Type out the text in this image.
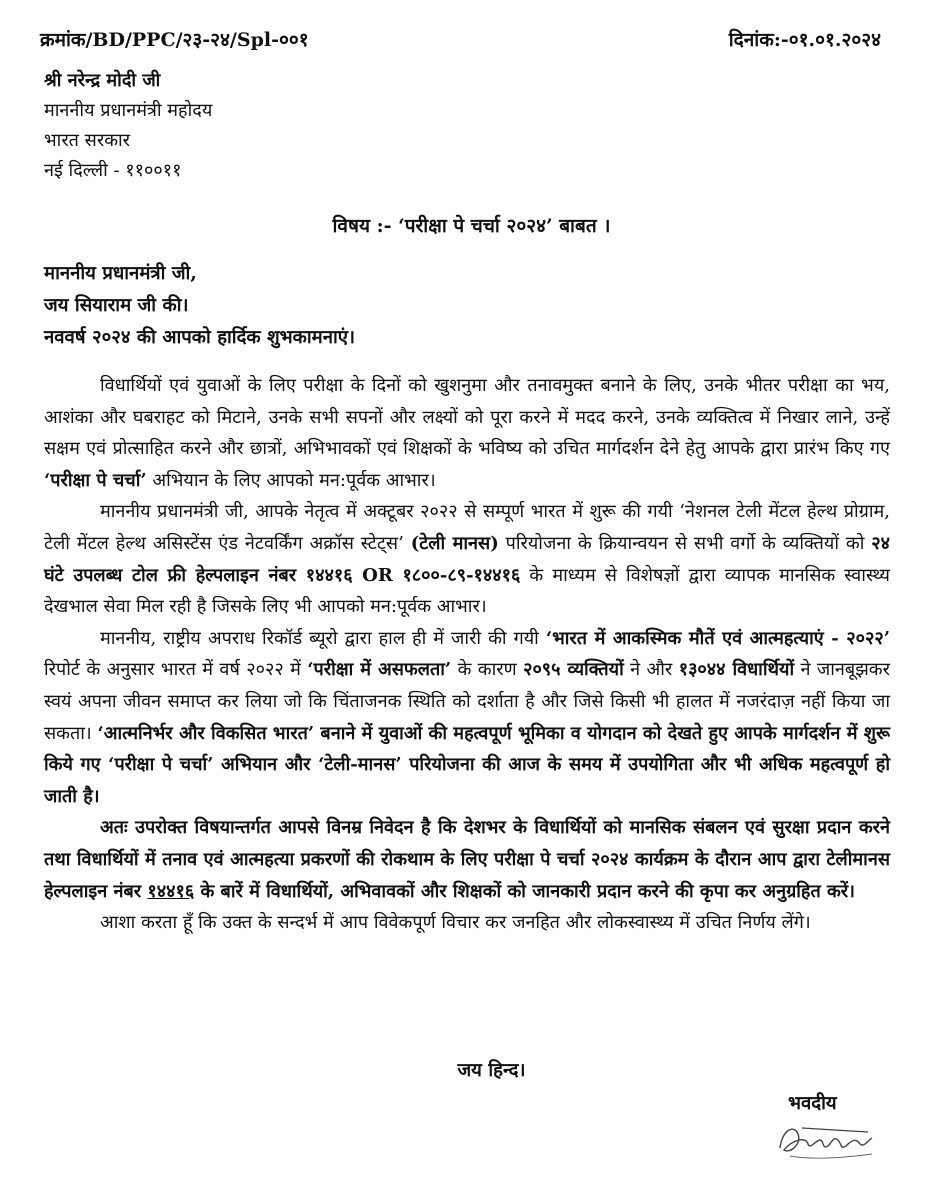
क्रमांक/BD/PPC/२३-२४/Spl-००१	दिनांक:-०१.०१.२०२४
श्री नरेन्द्र मोदी जी
माननीय प्रधानमंत्री महोदय
भारत सरकार
नई दिल्ली - ११००११
विषय :- ‘परीक्षा पे चर्चा २०२४’ बाबत ।
माननीय प्रधानमंत्री जी,
जय सियाराम जी की।
नववर्ष २०२४ की आपको हार्दिक शुभकामनाएं।

विधार्थियों एवं युवाओं के लिए परीक्षा के दिनों को खुशनुमा और तनावमुक्त बनाने के लिए, उनके भीतर परीक्षा का भय, आशंका और घबराहट को मिटाने, उनके सभी सपनों और लक्ष्यों को पूरा करने में मदद करने, उनके व्यक्तित्व में निखार लाने, उन्हें सक्षम एवं प्रोत्साहित करने और छात्रों, अभिभावकों एवं शिक्षकों के भविष्य को उचित मार्गदर्शन देने हेतु आपके द्वारा प्रारंभ किए गए ‘परीक्षा पे चर्चा’ अभियान के लिए आपको मन:पूर्वक आभार।

माननीय प्रधानमंत्री जी, आपके नेतृत्व में अक्टूबर २०२२ से सम्पूर्ण भारत में शुरू की गयी ‘नेशनल टेली मेंटल हेल्थ प्रोग्राम, टेली मेंटल हेल्थ असिस्टेंस एंड नेटवर्किंग अक्रॉस स्टेट्स’ (टेली मानस) परियोजना के क्रियान्वयन से सभी वर्गो के व्यक्तियों को २४ घंटे उपलब्ध टोल फ्री हेल्पलाइन नंबर १४४१६ OR १८००-८९-१४४१६ के माध्यम से विशेषज्ञों द्वारा व्यापक मानसिक स्वास्थ्य देखभाल सेवा मिल रही है जिसके लिए भी आपको मन:पूर्वक आभार।

माननीय, राष्ट्रीय अपराध रिकॉर्ड ब्यूरो द्वारा हाल ही में जारी की गयी ‘भारत में आकस्मिक मौतें एवं आत्महत्याएं - २०२२’ रिपोर्ट के अनुसार भारत में वर्ष २०२२ में ‘परीक्षा में असफलता’ के कारण २०९५ व्यक्तियों ने और १३०४४ विधार्थियों ने जानबूझकर स्वयं अपना जीवन समाप्त कर लिया जो कि चिंताजनक स्थिति को दर्शाता है और जिसे किसी भी हालत में नजरंदाज़ नहीं किया जा सकता। ‘आत्मनिर्भर और विकसित भारत’ बनाने में युवाओं की महत्वपूर्ण भूमिका व योगदान को देखते हुए आपके मार्गदर्शन में शुरू किये गए ‘परीक्षा पे चर्चा’ अभियान और ‘टेली-मानस’ परियोजना की आज के समय में उपयोगिता और भी अधिक महत्वपूर्ण हो जाती है।

अतः उपरोक्त विषयान्तर्गत आपसे विनम्र निवेदन है कि देशभर के विधार्थियों को मानसिक संबलन एवं सुरक्षा प्रदान करने तथा विधार्थियों में तनाव एवं आत्महत्या प्रकरणों की रोकथाम के लिए परीक्षा पे चर्चा २०२४ कार्यक्रम के दौरान आप द्वारा टेलीमानस हेल्पलाइन नंबर १४४१६ के बारें में विधार्थियों, अभिवावकों और शिक्षकों को जानकारी प्रदान करने की कृपा कर अनुग्रहित करें।

आशा करता हूँ कि उक्त के सन्दर्भ में आप विवेकपूर्ण विचार कर जनहित और लोकस्वास्थ्य में उचित निर्णय लेंगे।

जय हिन्द।
भवदीय
